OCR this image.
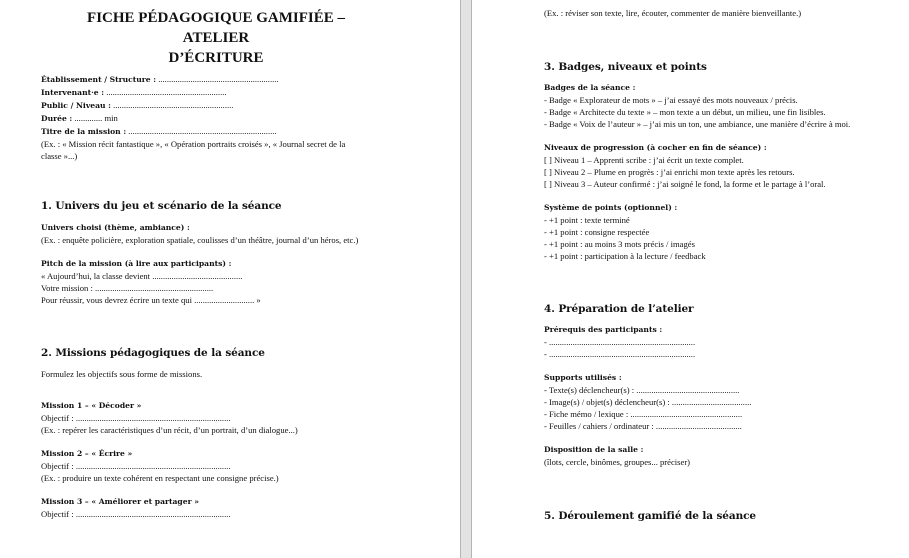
FICHE PÉDAGOGIQUE GAMIFIÉE – ATELIER
D’ÉCRITURE
Établissement / Structure : ........................................................
Intervenant·e : ........................................................
Public / Niveau : ........................................................
Durée : ............. min
Titre de la mission : .....................................................................
(Ex. : « Mission récit fantastique », « Opération portraits croisés », « Journal secret de la
classe »...)
1. Univers du jeu et scénario de la séance
Univers choisi (thème, ambiance) :
(Ex. : enquête policière, exploration spatiale, coulisses d’un théâtre, journal d’un héros, etc.)
Pitch de la mission (à lire aux participants) :
« Aujourd’hui, la classe devient ..........................................
Votre mission : .......................................................
Pour réussir, vous devrez écrire un texte qui ............................ »
2. Missions pédagogiques de la séance
Formulez les objectifs sous forme de missions.
Mission 1 – « Décoder »
Objectif : ........................................................................
(Ex. : repérer les caractéristiques d’un récit, d’un portrait, d’un dialogue...)
Mission 2 – « Écrire »
Objectif : ........................................................................
(Ex. : produire un texte cohérent en respectant une consigne précise.)
Mission 3 – « Améliorer et partager »
Objectif : ........................................................................
(Ex. : réviser son texte, lire, écouter, commenter de manière bienveillante.)
3. Badges, niveaux et points
Badges de la séance :
- Badge « Explorateur de mots » – j’ai essayé des mots nouveaux / précis.
- Badge « Architecte du texte » – mon texte a un début, un milieu, une fin lisibles.
- Badge « Voix de l’auteur » – j’ai mis un ton, une ambiance, une manière d’écrire à moi.
Niveaux de progression (à cocher en fin de séance) :
[ ] Niveau 1 – Apprenti scribe : j’ai écrit un texte complet.
[ ] Niveau 2 – Plume en progrès : j’ai enrichi mon texte après les retours.
[ ] Niveau 3 – Auteur confirmé : j’ai soigné le fond, la forme et le partage à l’oral.
Système de points (optionnel) :
- +1 point : texte terminé
- +1 point : consigne respectée
- +1 point : au moins 3 mots précis / imagés
- +1 point : participation à la lecture / feedback
4. Préparation de l’atelier
Prérequis des participants :
- ....................................................................
- ....................................................................
Supports utilisés :
- Texte(s) déclencheur(s) : ................................................
- Image(s) / objet(s) déclencheur(s) : .....................................
- Fiche mémo / lexique : ....................................................
- Feuilles / cahiers / ordinateur : ........................................
Disposition de la salle :
(îlots, cercle, binômes, groupes... préciser)
5. Déroulement gamifié de la séance
